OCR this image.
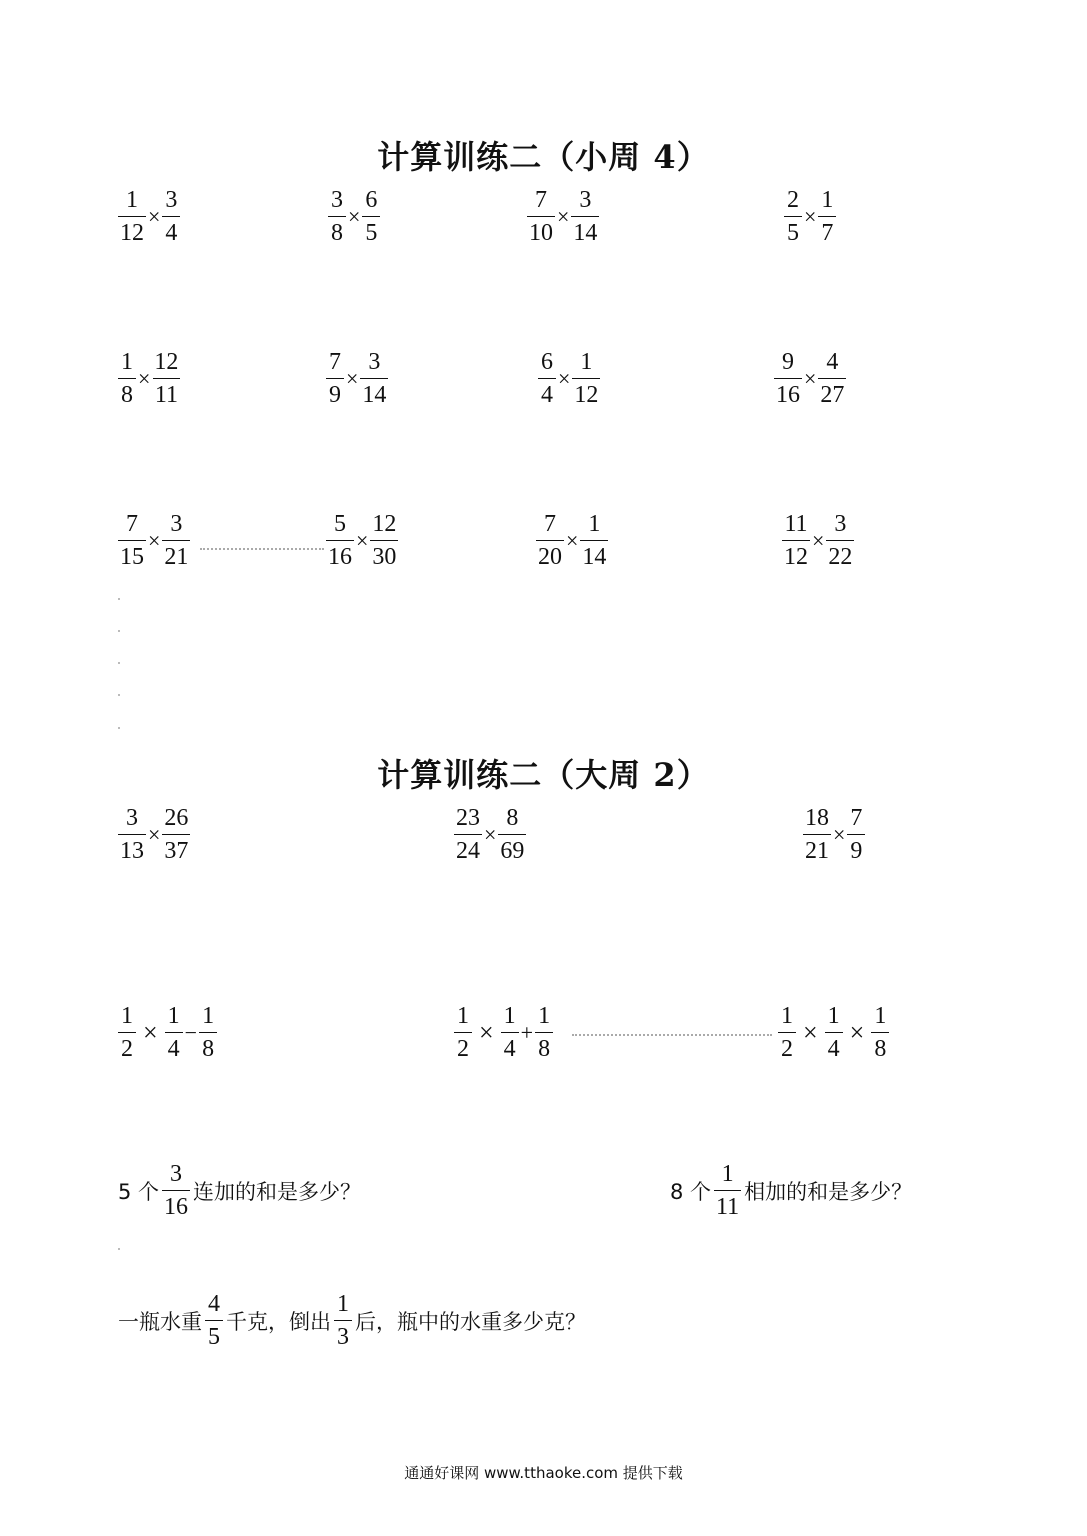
计算训练二（小周 4）
$\frac{1}{12} \times \frac{3}{4}$	$\frac{3}{8} \times \frac{6}{5}$	$\frac{7}{10} \times \frac{3}{14}$	$\frac{2}{5} \times \frac{1}{7}$
$\frac{1}{8} \times \frac{12}{11}$	$\frac{7}{9} \times \frac{3}{14}$	$\frac{6}{4} \times \frac{1}{12}$	$\frac{9}{16} \times \frac{4}{27}$
$\frac{7}{15} \times \frac{3}{21}$	$\frac{5}{16} \times \frac{12}{30}$	$\frac{7}{20} \times \frac{1}{14}$	$\frac{11}{12} \times \frac{3}{22}$
计算训练二（大周 2）
$\frac{3}{13} \times \frac{26}{37}$	$\frac{23}{24} \times \frac{8}{69}$	$\frac{18}{21} \times \frac{7}{9}$
$\frac{1}{2} \times \frac{1}{4} - \frac{1}{8}$	$\frac{1}{2} \times \frac{1}{4} + \frac{1}{8}$	$\frac{1}{2} \times \frac{1}{4} \times \frac{1}{8}$
5 个 $\frac{3}{16}$ 连加的和是多少？	8 个 $\frac{1}{11}$ 相加的和是多少？
一瓶水重 $\frac{4}{5}$ 千克，倒出 $\frac{1}{3}$ 后，瓶中的水重多少克？
通通好课网 www.tthaoke.com 提供下载
